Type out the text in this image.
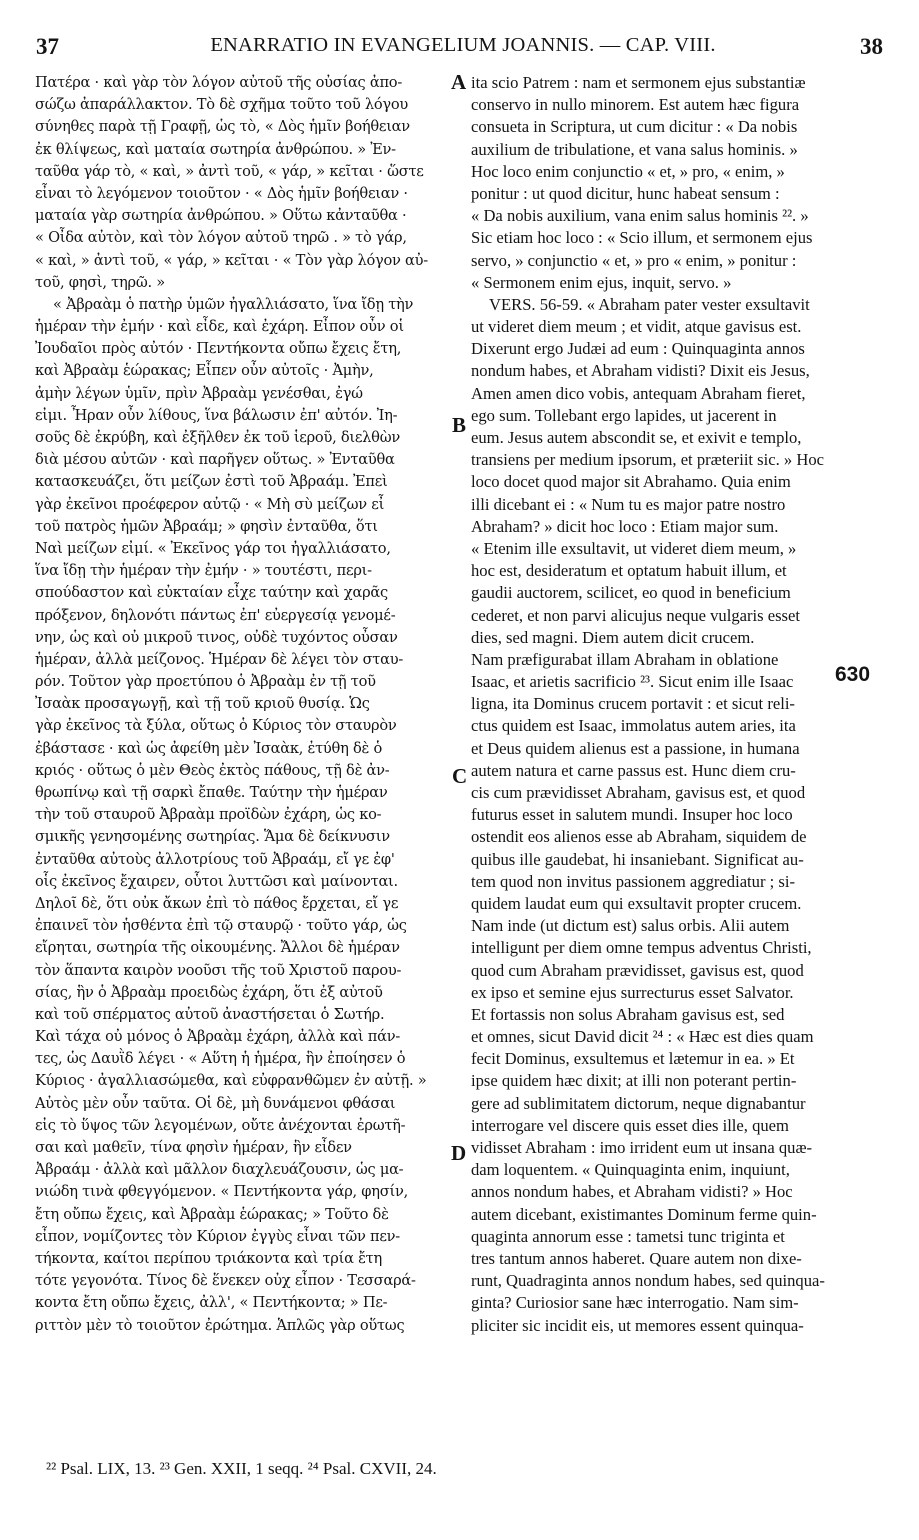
37	ENARRATIO IN EVANGELIUM JOANNIS. — CAP. VIII.	38
Πατέρα · καὶ γὰρ τὸν λόγον αὐτοῦ τῆς οὐσίας ἀπο-
σώζω ἀπαράλλακτον. Τὸ δὲ σχῆμα τοῦτο τοῦ λόγου
σύνηθες παρὰ τῇ Γραφῇ, ὡς τὸ, « Δὸς ἡμῖν βοήθειαν
ἐκ θλίψεως, καὶ ματαία σωτηρία ἀνθρώπου. » Ἐν-
ταῦθα γάρ τὸ, « καὶ, » ἀντὶ τοῦ, « γάρ, » κεῖται · ὥστε
εἶναι τὸ λεγόμενον τοιοῦτον · « Δὸς ἡμῖν βοήθειαν ·
ματαία γὰρ σωτηρία ἀνθρώπου. » Οὕτω κἀνταῦθα ·
« Οἶδα αὐτὸν, καὶ τὸν λόγον αὐτοῦ τηρῶ . » τὸ γάρ,
« καὶ, » ἀντὶ τοῦ, « γάρ, » κεῖται · « Τὸν γὰρ λόγον αὐ-
τοῦ, φησὶ, τηρῶ. »
« Ἀβραὰμ ὁ πατὴρ ὑμῶν ἠγαλλιάσατο, ἵνα ἴδῃ τὴν
ἡμέραν τὴν ἐμήν · καὶ εἶδε, καὶ ἐχάρη. Εἶπον οὖν οἱ
Ἰουδαῖοι πρὸς αὐτόν · Πεντήκοντα οὔπω ἔχεις ἔτη,
καὶ Ἀβραὰμ ἑώρακας; Εἶπεν οὖν αὐτοῖς · Ἀμὴν,
ἀμὴν λέγων ὑμῖν, πρὶν Ἀβραὰμ γενέσθαι, ἐγώ
εἰμι. Ἦραν οὖν λίθους, ἵνα βάλωσιν ἐπ' αὐτόν. Ἰη-
σοῦς δὲ ἐκρύβη, καὶ ἐξῆλθεν ἐκ τοῦ ἱεροῦ, διελθὼν
διὰ μέσου αὐτῶν · καὶ παρῆγεν οὕτως. » Ἐνταῦθα
κατασκευάζει, ὅτι μείζων ἐστὶ τοῦ Ἀβραάμ. Ἐπεὶ
γὰρ ἐκεῖνοι προέφερον αὐτῷ · « Μὴ σὺ μείζων εἶ
τοῦ πατρὸς ἡμῶν Ἀβραάμ; » φησὶν ἐνταῦθα, ὅτι
Ναὶ μείζων εἰμί. « Ἐκεῖνος γάρ τοι ἠγαλλιάσατο,
ἵνα ἴδῃ τὴν ἡμέραν τὴν ἐμήν · » τουτέστι, περι-
σπούδαστον καὶ εὐκταίαν εἶχε ταύτην καὶ χαρᾶς
πρόξενον, δηλονότι πάντως ἐπ' εὐεργεσίᾳ γενομέ-
νην, ὡς καὶ οὐ μικροῦ τινος, οὐδὲ τυχόντος οὖσαν
ἡμέραν, ἀλλὰ μείζονος. Ἡμέραν δὲ λέγει τὸν σταυ-
ρόν. Τοῦτον γὰρ προετύπου ὁ Ἀβραὰμ ἐν τῇ τοῦ
Ἰσαὰκ προσαγωγῇ, καὶ τῇ τοῦ κριοῦ θυσίᾳ. Ὡς
γὰρ ἐκεῖνος τὰ ξύλα, οὕτως ὁ Κύριος τὸν σταυρὸν
ἐβάστασε · καὶ ὡς ἀφείθη μὲν Ἰσαὰκ, ἐτύθη δὲ ὁ
κριός · οὕτως ὁ μὲν Θεὸς ἐκτὸς πάθους, τῇ δὲ ἀν-
θρωπίνῳ καὶ τῇ σαρκὶ ἔπαθε. Ταύτην τὴν ἡμέραν
τὴν τοῦ σταυροῦ Ἀβραὰμ προϊδὼν ἐχάρη, ὡς κο-
σμικῆς γενησομένης σωτηρίας. Ἅμα δὲ δείκνυσιν
ἐνταῦθα αὐτοὺς ἀλλοτρίους τοῦ Ἀβραάμ, εἴ γε ἐφ'
οἷς ἐκεῖνος ἔχαιρεν, οὗτοι λυττῶσι καὶ μαίνονται.
Δηλοῖ δὲ, ὅτι οὐκ ἄκων ἐπὶ τὸ πάθος ἔρχεται, εἴ γε
ἐπαινεῖ τὸν ἡσθέντα ἐπὶ τῷ σταυρῷ · τοῦτο γάρ, ὡς
εἴρηται, σωτηρία τῆς οἰκουμένης. Ἄλλοι δὲ ἡμέραν
τὸν ἅπαντα καιρὸν νοοῦσι τῆς τοῦ Χριστοῦ παρου-
σίας, ἣν ὁ Ἀβραὰμ προειδὼς ἐχάρη, ὅτι ἐξ αὐτοῦ
καὶ τοῦ σπέρματος αὐτοῦ ἀναστήσεται ὁ Σωτήρ.
Καὶ τάχα οὐ μόνος ὁ Ἀβραὰμ ἐχάρη, ἀλλὰ καὶ πάν-
τες, ὡς Δαυῒδ λέγει · « Αὕτη ἡ ἡμέρα, ἣν ἐποίησεν ὁ
Κύριος · ἀγαλλιασώμεθα, καὶ εὐφρανθῶμεν ἐν αὐτῇ. »
Αὐτὸς μὲν οὖν ταῦτα. Οἱ δὲ, μὴ δυνάμενοι φθάσαι
εἰς τὸ ὕψος τῶν λεγομένων, οὔτε ἀνέχονται ἐρωτῆ-
σαι καὶ μαθεῖν, τίνα φησὶν ἡμέραν, ἣν εἶδεν
Ἀβραάμ · ἀλλὰ καὶ μᾶλλον διαχλευάζουσιν, ὡς μα-
νιώδη τινὰ φθεγγόμενον. « Πεντήκοντα γάρ, φησίν,
ἔτη οὔπω ἔχεις, καὶ Ἀβραὰμ ἑώρακας; » Τοῦτο δὲ
εἶπον, νομίζοντες τὸν Κύριον ἐγγὺς εἶναι τῶν πεν-
τήκοντα, καίτοι περίπου τριάκοντα καὶ τρία ἔτη
τότε γεγονότα. Τίνος δὲ ἕνεκεν οὐχ εἶπον · Τεσσαρά-
κοντα ἔτη οὔπω ἔχεις, ἀλλ', « Πεντήκοντα; » Πε-
ριττὸν μὲν τὸ τοιοῦτον ἐρώτημα. Ἁπλῶς γὰρ οὕτως
ita scio Patrem : nam et sermonem ejus substantiæ
conservo in nullo minorem. Est autem hæc figura
consueta in Scriptura, ut cum dicitur : « Da nobis
auxilium de tribulatione, et vana salus hominis. »
Hoc loco enim conjunctio « et, » pro, « enim, »
ponitur : ut quod dicitur, hunc habeat sensum :
« Da nobis auxilium, vana enim salus hominis ²². »
Sic etiam hoc loco : « Scio illum, et sermonem ejus
servo, » conjunctio « et, » pro « enim, » ponitur :
« Sermonem enim ejus, inquit, servo. »
VERS. 56-59. « Abraham pater vester exsultavit
ut videret diem meum ; et vidit, atque gavisus est.
Dixerunt ergo Judæi ad eum : Quinquaginta annos
nondum habes, et Abraham vidisti? Dixit eis Jesus,
Amen amen dico vobis, antequam Abraham fieret,
ego sum. Tollebant ergo lapides, ut jacerent in
eum. Jesus autem abscondit se, et exivit e templo,
transiens per medium ipsorum, et præteriit sic. » Hoc
loco docet quod major sit Abrahamo. Quia enim
illi dicebant ei : « Num tu es major patre nostro
Abraham? » dicit hoc loco : Etiam major sum.
« Etenim ille exsultavit, ut videret diem meum, »
hoc est, desideratum et optatum habuit illum, et
gaudii auctorem, scilicet, eo quod in beneficium
cederet, et non parvi alicujus neque vulgaris esset
dies, sed magni. Diem autem dicit crucem.
Nam præfigurabat illam Abraham in oblatione
Isaac, et arietis sacrificio ²³. Sicut enim ille Isaac
ligna, ita Dominus crucem portavit : et sicut reli-
ctus quidem est Isaac, immolatus autem aries, ita
et Deus quidem alienus est a passione, in humana
autem natura et carne passus est. Hunc diem cru-
cis cum prævidisset Abraham, gavisus est, et quod
futurus esset in salutem mundi. Insuper hoc loco
ostendit eos alienos esse ab Abraham, siquidem de
quibus ille gaudebat, hi insaniebant. Significat au-
tem quod non invitus passionem aggrediatur ; si-
quidem laudat eum qui exsultavit propter crucem.
Nam inde (ut dictum est) salus orbis. Alii autem
intelligunt per diem omne tempus adventus Christi,
quod cum Abraham prævidisset, gavisus est, quod
ex ipso et semine ejus surrecturus esset Salvator.
Et fortassis non solus Abraham gavisus est, sed
et omnes, sicut David dicit ²⁴ : « Hæc est dies quam
fecit Dominus, exsultemus et lætemur in ea. » Et
ipse quidem hæc dixit; at illi non poterant pertin-
gere ad sublimitatem dictorum, neque dignabantur
interrogare vel discere quis esset dies ille, quem
vidisset Abraham : imo irrident eum ut insana quæ-
dam loquentem. « Quinquaginta enim, inquiunt,
annos nondum habes, et Abraham vidisti? » Hoc
autem dicebant, existimantes Dominum ferme quin-
quaginta annorum esse : tametsi tunc triginta et
tres tantum annos haberet. Quare autem non dixe-
runt, Quadraginta annos nondum habes, sed quinqua-
ginta? Curiosior sane hæc interrogatio. Nam sim-
pliciter sic incidit eis, ut memores essent quinqua-
A
B
C
D
630
²² Psal. LIX, 13. ²³ Gen. XXII, 1 seqq. ²⁴ Psal. CXVII, 24.
